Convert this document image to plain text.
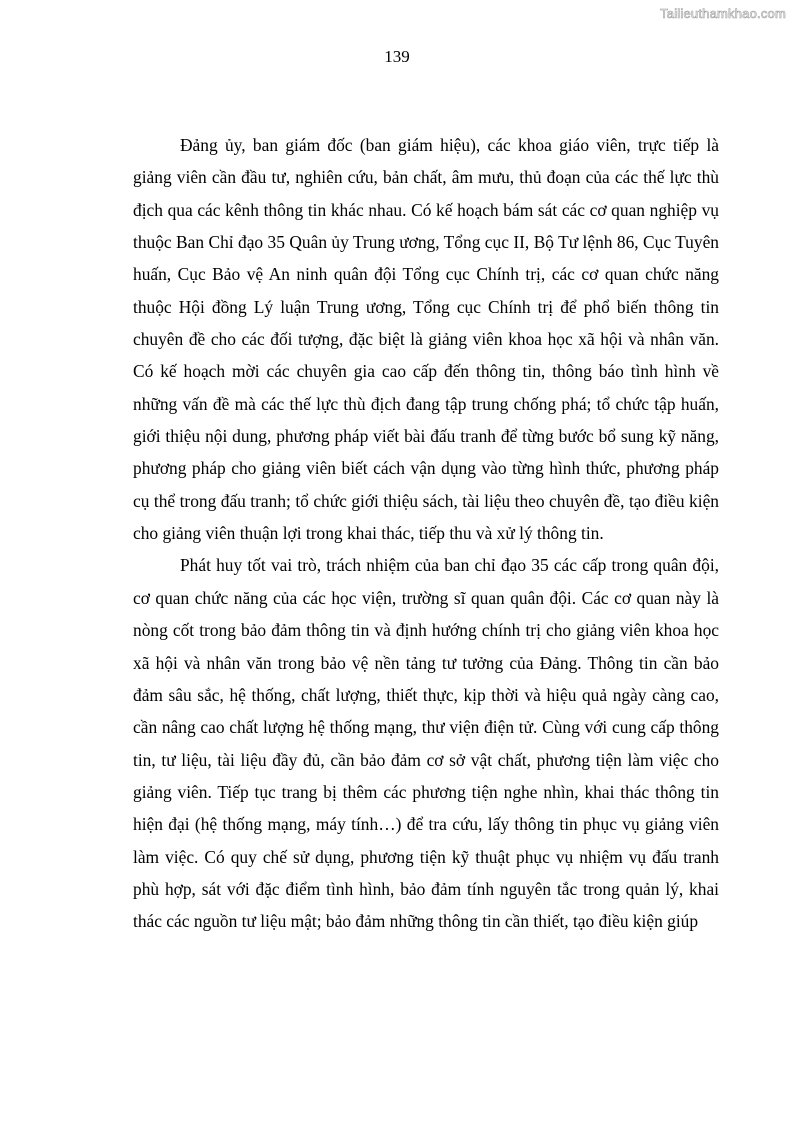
Tailieuthamkhao.com
139

Đảng ủy, ban giám đốc (ban giám hiệu), các khoa giáo viên, trực tiếp là giảng viên cần đầu tư, nghiên cứu, bản chất, âm mưu, thủ đoạn của các thế lực thù địch qua các kênh thông tin khác nhau. Có kế hoạch bám sát các cơ quan nghiệp vụ thuộc Ban Chỉ đạo 35 Quân ủy Trung ương, Tổng cục II, Bộ Tư lệnh 86, Cục Tuyên huấn, Cục Bảo vệ An ninh quân đội Tổng cục Chính trị, các cơ quan chức năng thuộc Hội đồng Lý luận Trung ương, Tổng cục Chính trị để phổ biến thông tin chuyên đề cho các đối tượng, đặc biệt là giảng viên khoa học xã hội và nhân văn. Có kế hoạch mời các chuyên gia cao cấp đến thông tin, thông báo tình hình về những vấn đề mà các thế lực thù địch đang tập trung chống phá; tổ chức tập huấn, giới thiệu nội dung, phương pháp viết bài đấu tranh để từng bước bổ sung kỹ năng, phương pháp cho giảng viên biết cách vận dụng vào từng hình thức, phương pháp cụ thể trong đấu tranh; tổ chức giới thiệu sách, tài liệu theo chuyên đề, tạo điều kiện cho giảng viên thuận lợi trong khai thác, tiếp thu và xử lý thông tin.

Phát huy tốt vai trò, trách nhiệm của ban chỉ đạo 35 các cấp trong quân đội, cơ quan chức năng của các học viện, trường sĩ quan quân đội. Các cơ quan này là nòng cốt trong bảo đảm thông tin và định hướng chính trị cho giảng viên khoa học xã hội và nhân văn trong bảo vệ nền tảng tư tưởng của Đảng. Thông tin cần bảo đảm sâu sắc, hệ thống, chất lượng, thiết thực, kịp thời và hiệu quả ngày càng cao, cần nâng cao chất lượng hệ thống mạng, thư viện điện tử. Cùng với cung cấp thông tin, tư liệu, tài liệu đầy đủ, cần bảo đảm cơ sở vật chất, phương tiện làm việc cho giảng viên. Tiếp tục trang bị thêm các phương tiện nghe nhìn, khai thác thông tin hiện đại (hệ thống mạng, máy tính…) để tra cứu, lấy thông tin phục vụ giảng viên làm việc. Có quy chế sử dụng, phương tiện kỹ thuật phục vụ nhiệm vụ đấu tranh phù hợp, sát với đặc điểm tình hình, bảo đảm tính nguyên tắc trong quản lý, khai thác các nguồn tư liệu mật; bảo đảm những thông tin cần thiết, tạo điều kiện giúp
